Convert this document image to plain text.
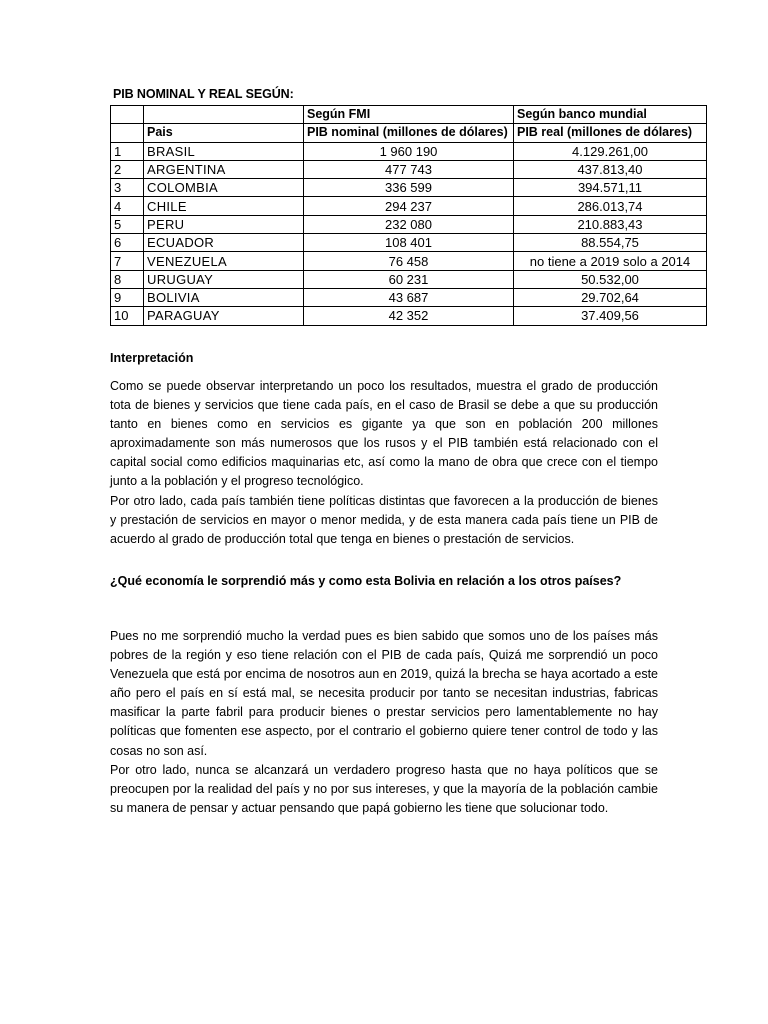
PIB NOMINAL Y REAL SEGÚN:
		Según FMI	Según banco mundial
	Pais	PIB nominal (millones de dólares)	PIB real (millones de dólares)
1	BRASIL	1 960 190	4.129.261,00
2	ARGENTINA	477 743	437.813,40
3	COLOMBIA	336 599	394.571,11
4	CHILE	294 237	286.013,74
5	PERU	232 080	210.883,43
6	ECUADOR	108 401	88.554,75
7	VENEZUELA	76 458	no tiene a 2019 solo a 2014
8	URUGUAY	60 231	50.532,00
9	BOLIVIA	43 687	29.702,64
10	PARAGUAY	42 352	37.409,56
Interpretación

Como se puede observar interpretando un poco los resultados, muestra el grado de producción tota de bienes y servicios que tiene cada país, en el caso de Brasil se debe a que su producción tanto en bienes como en servicios es gigante ya que son en población 200 millones aproximadamente son más numerosos que los rusos y el PIB también está relacionado con el capital social como edificios maquinarias etc, así como la mano de obra que crece con el tiempo junto a la población y el progreso tecnológico.

Por otro lado, cada país también tiene políticas distintas que favorecen a la producción de bienes y prestación de servicios en mayor o menor medida, y de esta manera cada país tiene un PIB de acuerdo al grado de producción total que tenga en bienes o prestación de servicios.

¿Qué economía le sorprendió más y como esta Bolivia en relación a los otros países?

Pues no me sorprendió mucho la verdad pues es bien sabido que somos uno de los países más pobres de la región y eso tiene relación con el PIB de cada país, Quizá me sorprendió un poco Venezuela que está por encima de nosotros aun en 2019, quizá la brecha se haya acortado a este año pero el país en sí está mal, se necesita producir por tanto se necesitan industrias, fabricas masificar la parte fabril para producir bienes o prestar servicios pero lamentablemente no hay políticas que fomenten ese aspecto, por el contrario el gobierno quiere tener control de todo y las cosas no son así.

Por otro lado, nunca se alcanzará un verdadero progreso hasta que no haya políticos que se preocupen por la realidad del país y no por sus intereses, y que la mayoría de la población cambie su manera de pensar y actuar pensando que papá gobierno les tiene que solucionar todo.
